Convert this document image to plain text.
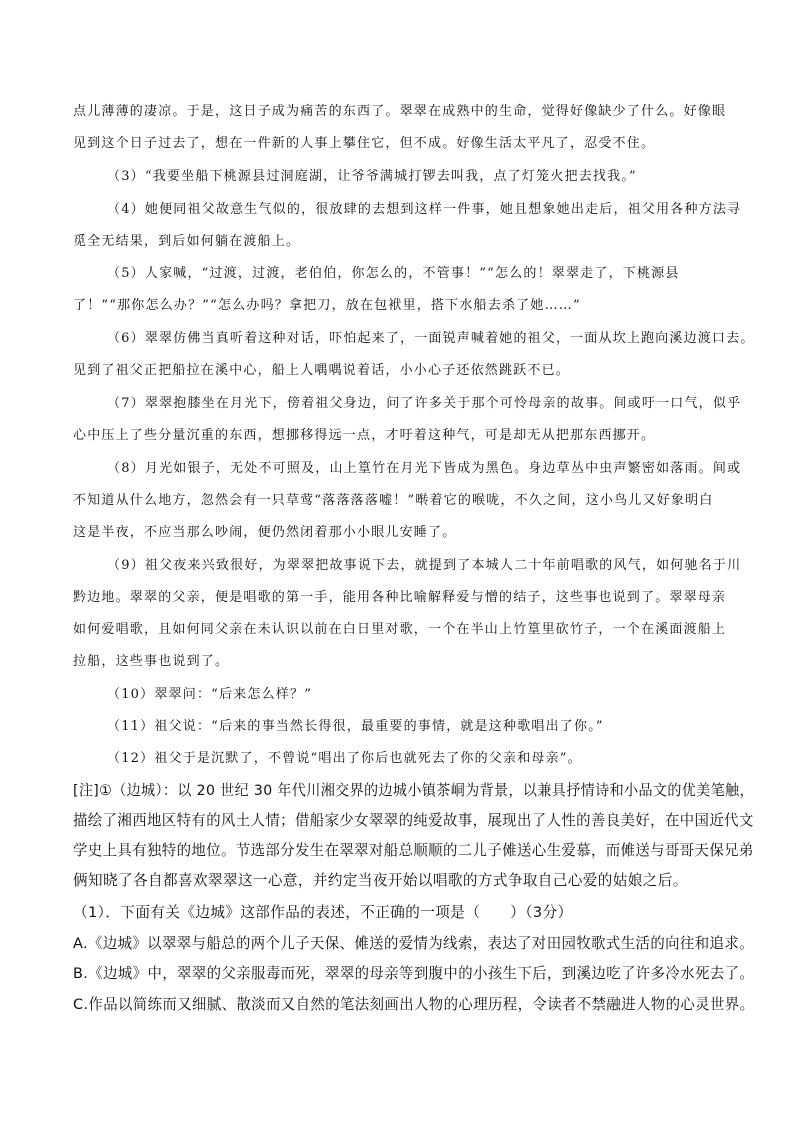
点儿薄薄的凄凉。于是，这日子成为痛苦的东西了。翠翠在成熟中的生命，觉得好像缺少了什么。好像眼
见到这个日子过去了，想在一件新的人事上攀住它，但不成。好像生活太平凡了，忍受不住。
（3）“我要坐船下桃源县过洞庭湖，让爷爷满城打锣去叫我，点了灯笼火把去找我。”
（4）她便同祖父故意生气似的，很放肆的去想到这样一件事，她且想象她出走后，祖父用各种方法寻
觅全无结果，到后如何躺在渡船上。
（5）人家喊，“过渡，过渡，老伯伯，你怎么的，不管事！”“怎么的！翠翠走了，下桃源县
了！”“那你怎么办？”“怎么办吗？拿把刀，放在包袱里，搭下水船去杀了她……”
（6）翠翠仿佛当真听着这种对话，吓怕起来了，一面锐声喊着她的祖父，一面从坎上跑向溪边渡口去。
见到了祖父正把船拉在溪中心，船上人喁喁说着话，小小心子还依然跳跃不已。
（7）翠翠抱膝坐在月光下，傍着祖父身边，问了许多关于那个可怜母亲的故事。间或吁一口气，似乎
心中压上了些分量沉重的东西，想挪移得远一点，才吁着这种气，可是却无从把那东西挪开。
（8）月光如银子，无处不可照及，山上篁竹在月光下皆成为黑色。身边草丛中虫声繁密如落雨。间或
不知道从什么地方，忽然会有一只草莺“落落落落嘘！”啭着它的喉咙，不久之间，这小鸟儿又好象明白
这是半夜，不应当那么吵闹，便仍然闭着那小小眼儿安睡了。
（9）祖父夜来兴致很好，为翠翠把故事说下去，就提到了本城人二十年前唱歌的风气，如何驰名于川
黔边地。翠翠的父亲，便是唱歌的第一手，能用各种比喻解释爱与憎的结子，这些事也说到了。翠翠母亲
如何爱唱歌，且如何同父亲在未认识以前在白日里对歌，一个在半山上竹篁里砍竹子，一个在溪面渡船上
拉船，这些事也说到了。
（10）翠翠问：“后来怎么样？”
（11）祖父说：“后来的事当然长得很，最重要的事情，就是这种歌唱出了你。”
（12）祖父于是沉默了，不曾说“唱出了你后也就死去了你的父亲和母亲”。
[注]①（边城）：以 20 世纪 30 年代川湘交界的边城小镇茶峒为背景，以兼具抒情诗和小品文的优美笔触，
描绘了湘西地区特有的风土人情；借船家少女翠翠的纯爱故事，展现出了人性的善良美好，在中国近代文
学史上具有独特的地位。节选部分发生在翠翠对船总顺顺的二儿子傩送心生爱慕，而傩送与哥哥天保兄弟
俩知晓了各自都喜欢翠翠这一心意，并约定当夜开始以唱歌的方式争取自己心爱的姑娘之后。
（1）．下面有关《边城》这部作品的表述，不正确的一项是（　　）（3分）
A.《边城》以翠翠与船总的两个儿子天保、傩送的爱情为线索，表达了对田园牧歌式生活的向往和追求。
B.《边城》中，翠翠的父亲服毒而死，翠翠的母亲等到腹中的小孩生下后，到溪边吃了许多冷水死去了。
C.作品以简练而又细腻、散淡而又自然的笔法刻画出人物的心理历程，令读者不禁融进人物的心灵世界。
